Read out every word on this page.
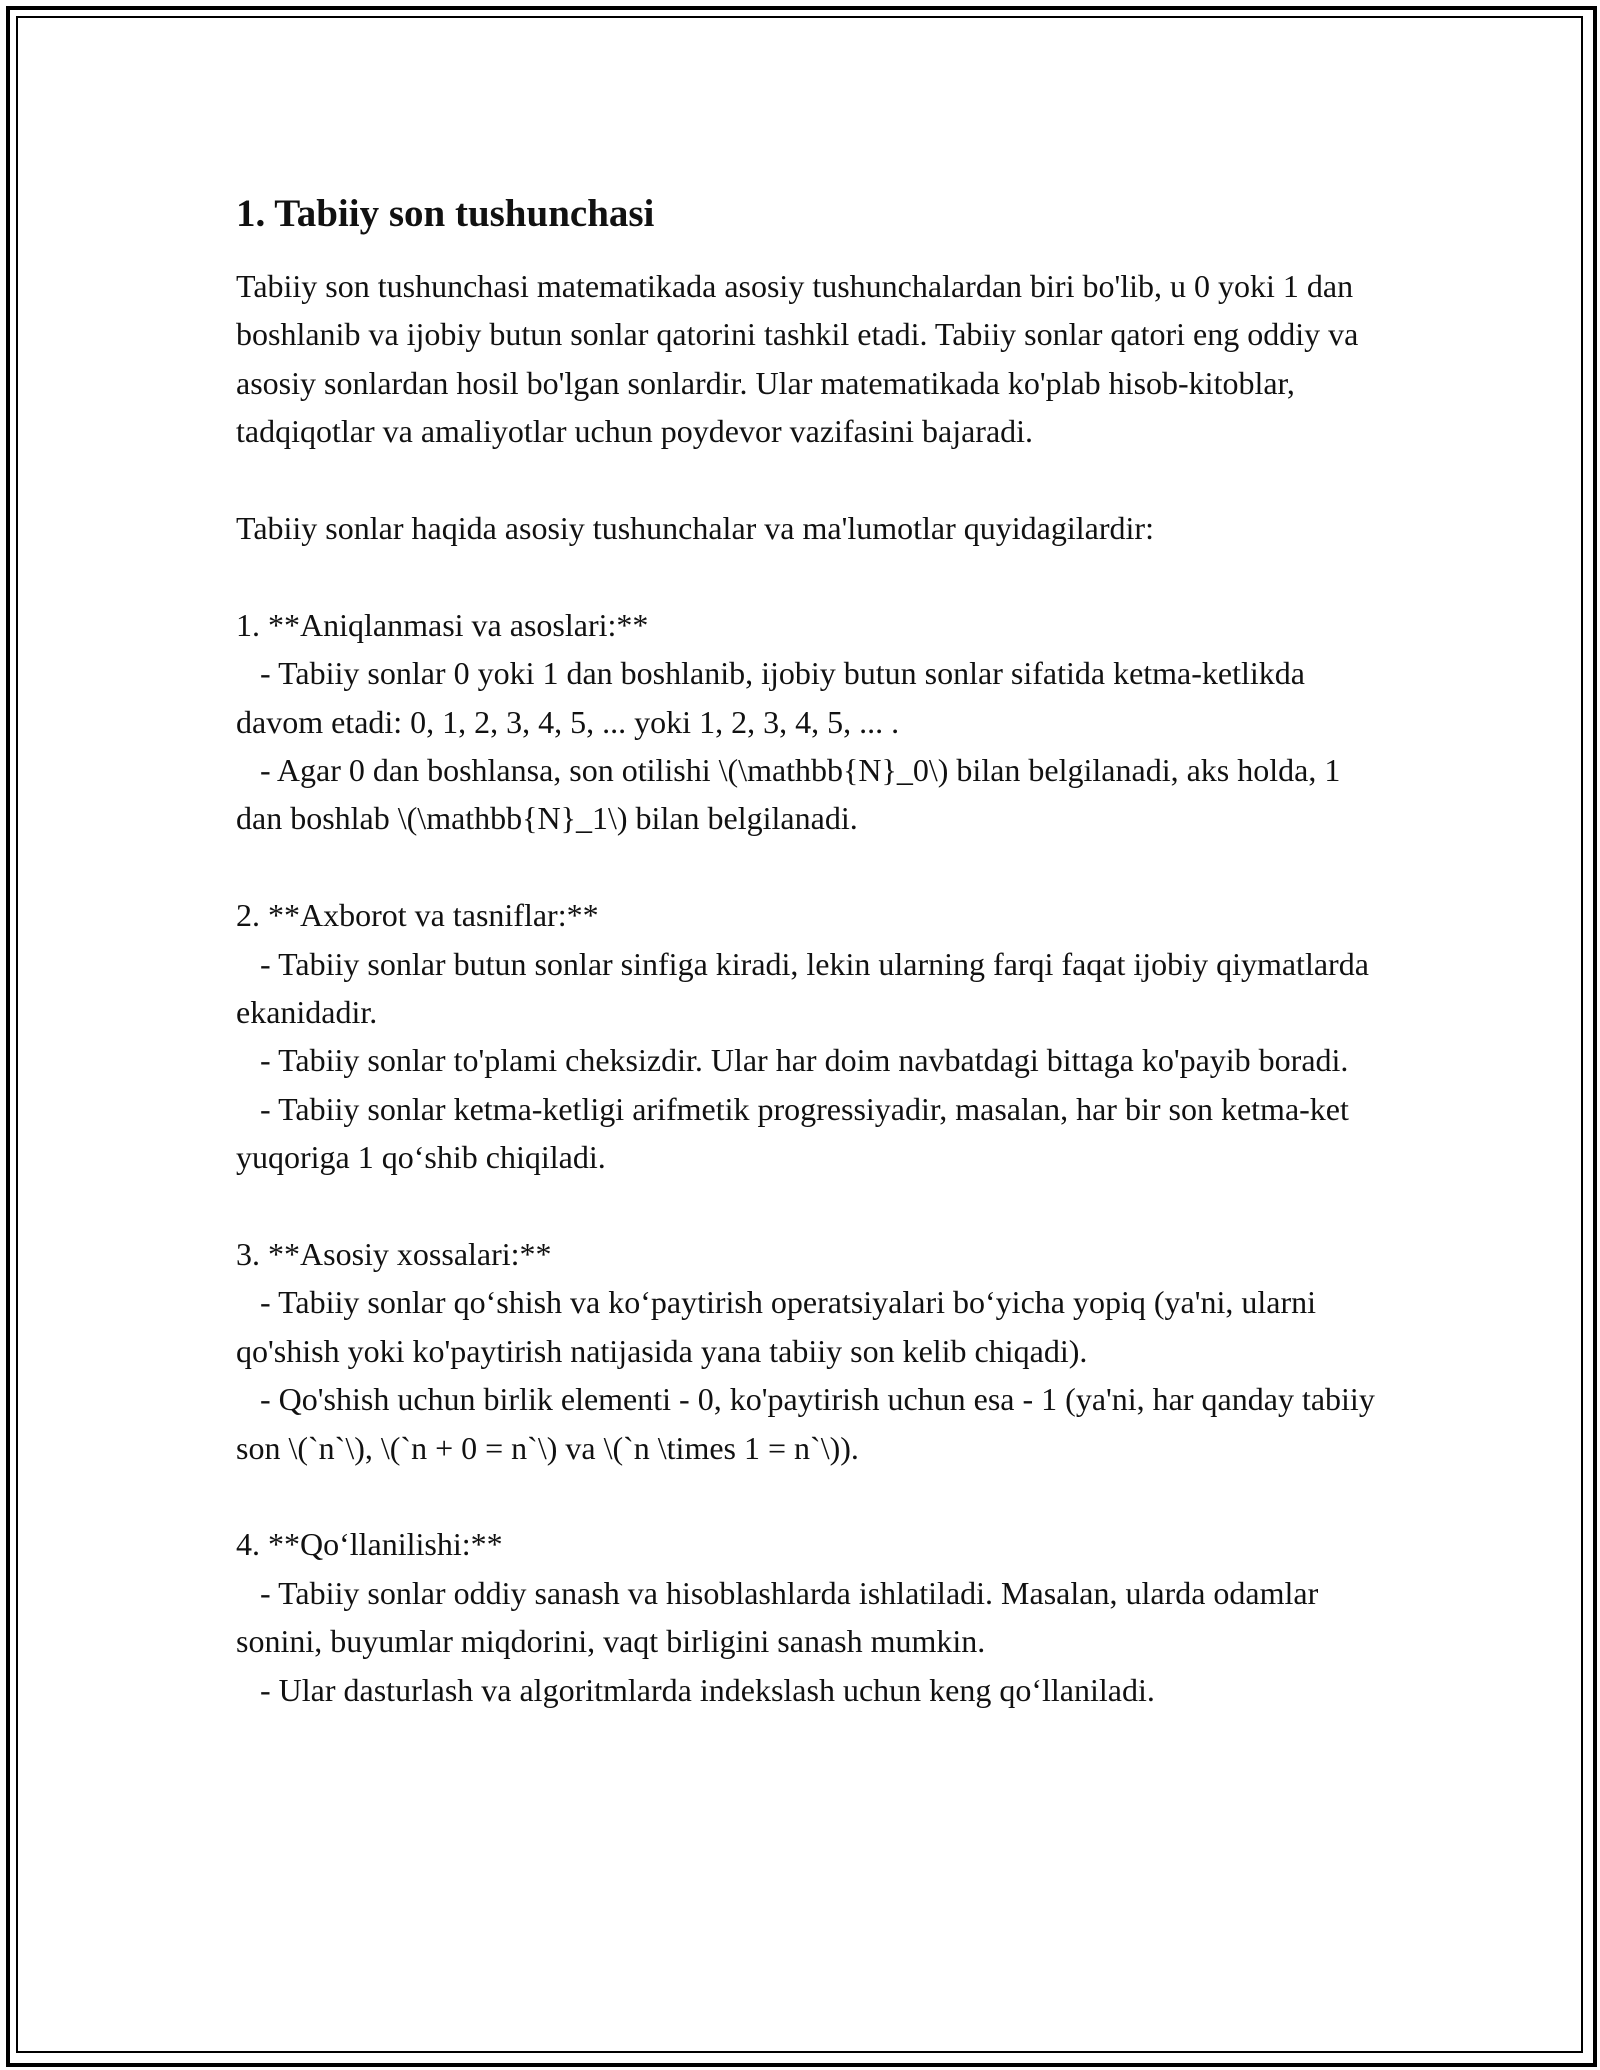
1. Tabiiy son tushunchasi

Tabiiy son tushunchasi matematikada asosiy tushunchalardan biri bo'lib, u 0 yoki 1 dan boshlanib va ijobiy butun sonlar qatorini tashkil etadi. Tabiiy sonlar qatori eng oddiy va asosiy sonlardan hosil bo'lgan sonlardir. Ular matematikada ko'plab hisob-kitoblar, tadqiqotlar va amaliyotlar uchun poydevor vazifasini bajaradi.

Tabiiy sonlar haqida asosiy tushunchalar va ma'lumotlar quyidagilardir:

1. **Aniqlanmasi va asoslari:**
- Tabiiy sonlar 0 yoki 1 dan boshlanib, ijobiy butun sonlar sifatida ketma-ketlikda davom etadi: 0, 1, 2, 3, 4, 5, ... yoki 1, 2, 3, 4, 5, ... .
- Agar 0 dan boshlansa, son otilishi \(\mathbb{N}_0\) bilan belgilanadi, aks holda, 1 dan boshlab \(\mathbb{N}_1\) bilan belgilanadi.
2. **Axborot va tasniflar:**
- Tabiiy sonlar butun sonlar sinfiga kiradi, lekin ularning farqi faqat ijobiy qiymatlarda ekanidadir.
- Tabiiy sonlar to'plami cheksizdir. Ular har doim navbatdagi bittaga ko'payib boradi.
- Tabiiy sonlar ketma-ketligi arifmetik progressiyadir, masalan, har bir son ketma-ket yuqoriga 1 qo‘shib chiqiladi.
3. **Asosiy xossalari:**
- Tabiiy sonlar qo‘shish va ko‘paytirish operatsiyalari bo‘yicha yopiq (ya'ni, ularni qo'shish yoki ko'paytirish natijasida yana tabiiy son kelib chiqadi).
- Qo'shish uchun birlik elementi - 0, ko'paytirish uchun esa - 1 (ya'ni, har qanday tabiiy son \(`n`\), \(`n + 0 = n`\) va \(`n \times 1 = n`\)).
4. **Qo‘llanilishi:**
- Tabiiy sonlar oddiy sanash va hisoblashlarda ishlatiladi. Masalan, ularda odamlar sonini, buyumlar miqdorini, vaqt birligini sanash mumkin.
- Ular dasturlash va algoritmlarda indekslash uchun keng qo‘llaniladi.
